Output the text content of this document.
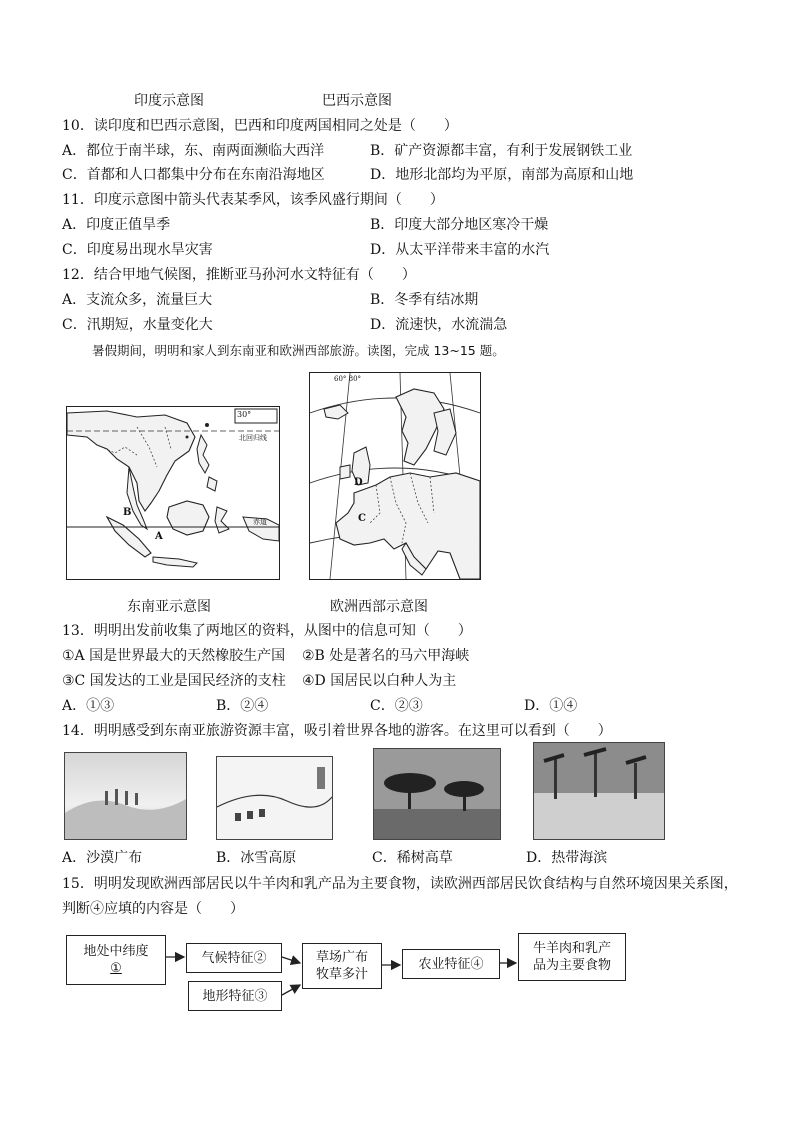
印度示意图	巴西示意图
10．读印度和巴西示意图，巴西和印度两国相同之处是（　　）
A．都位于南半球，东、南两面濒临大西洋	B．矿产资源都丰富，有利于发展钢铁工业
C．首都和人口都集中分布在东南沿海地区	D．地形北部均为平原，南部为高原和山地
11．印度示意图中箭头代表某季风，该季风盛行期间（　　）
A．印度正值旱季	B．印度大部分地区寒冷干燥
C．印度易出现水旱灾害	D．从太平洋带来丰富的水汽
12．结合甲地气候图，推断亚马孙河水文特征有（　　）
A．支流众多，流量巨大	B．冬季有结冰期
C．汛期短，水量变化大	D．流速快，水流湍急
暑假期间，明明和家人到东南亚和欧洲西部旅游。读图，完成 13~15 题。
30°
北回归线
A
B
赤道
东南亚示意图
60° 80°
C
D
欧洲西部示意图
13．明明出发前收集了两地区的资料，从图中的信息可知（　　）
①A 国是世界最大的天然橡胶生产国 ②B 处是著名的马六甲海峡
③C 国发达的工业是国民经济的支柱 ④D 国居民以白种人为主
A．①③	B．②④	C．②③	D．①④
14．明明感受到东南亚旅游资源丰富，吸引着世界各地的游客。在这里可以看到（　　）
A．沙漠广布	B．冰雪高原	C．稀树高草	D．热带海滨
15．明明发现欧洲西部居民以牛羊肉和乳产品为主要食物，读欧洲西部居民饮食结构与自然环境因果关系图，
判断④应填的内容是（　　）
地处中纬度
①
气候特征②
地形特征③
草场广布
牧草多汁
农业特征④
牛羊肉和乳产
品为主要食物
